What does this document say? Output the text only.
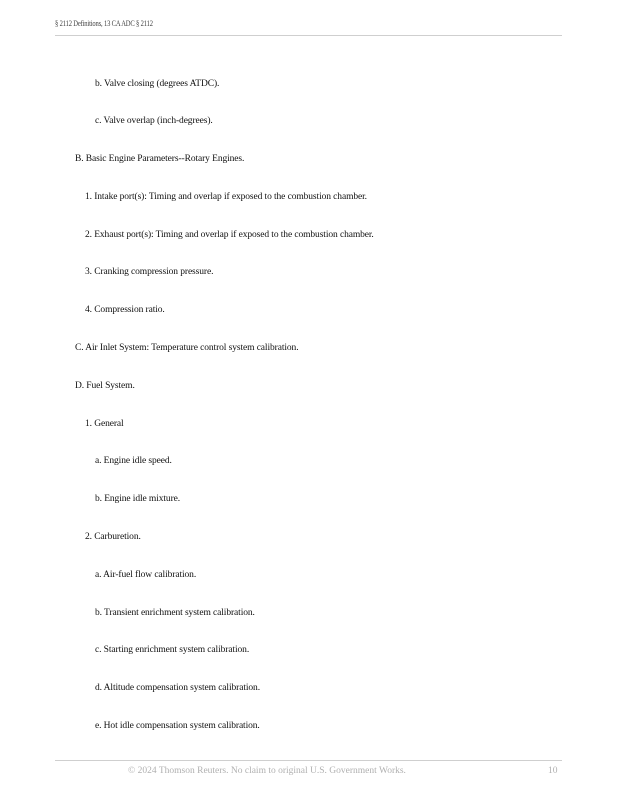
§ 2112 Definitions, 13 CA ADC § 2112
b. Valve closing (degrees ATDC).
c. Valve overlap (inch-degrees).
B. Basic Engine Parameters--Rotary Engines.
1. Intake port(s): Timing and overlap if exposed to the combustion chamber.
2. Exhaust port(s): Timing and overlap if exposed to the combustion chamber.
3. Cranking compression pressure.
4. Compression ratio.
C. Air Inlet System: Temperature control system calibration.
D. Fuel System.
1. General
a. Engine idle speed.
b. Engine idle mixture.
2. Carburetion.
a. Air-fuel flow calibration.
b. Transient enrichment system calibration.
c. Starting enrichment system calibration.
d. Altitude compensation system calibration.
e. Hot idle compensation system calibration.
© 2024 Thomson Reuters. No claim to original U.S. Government Works.	10
